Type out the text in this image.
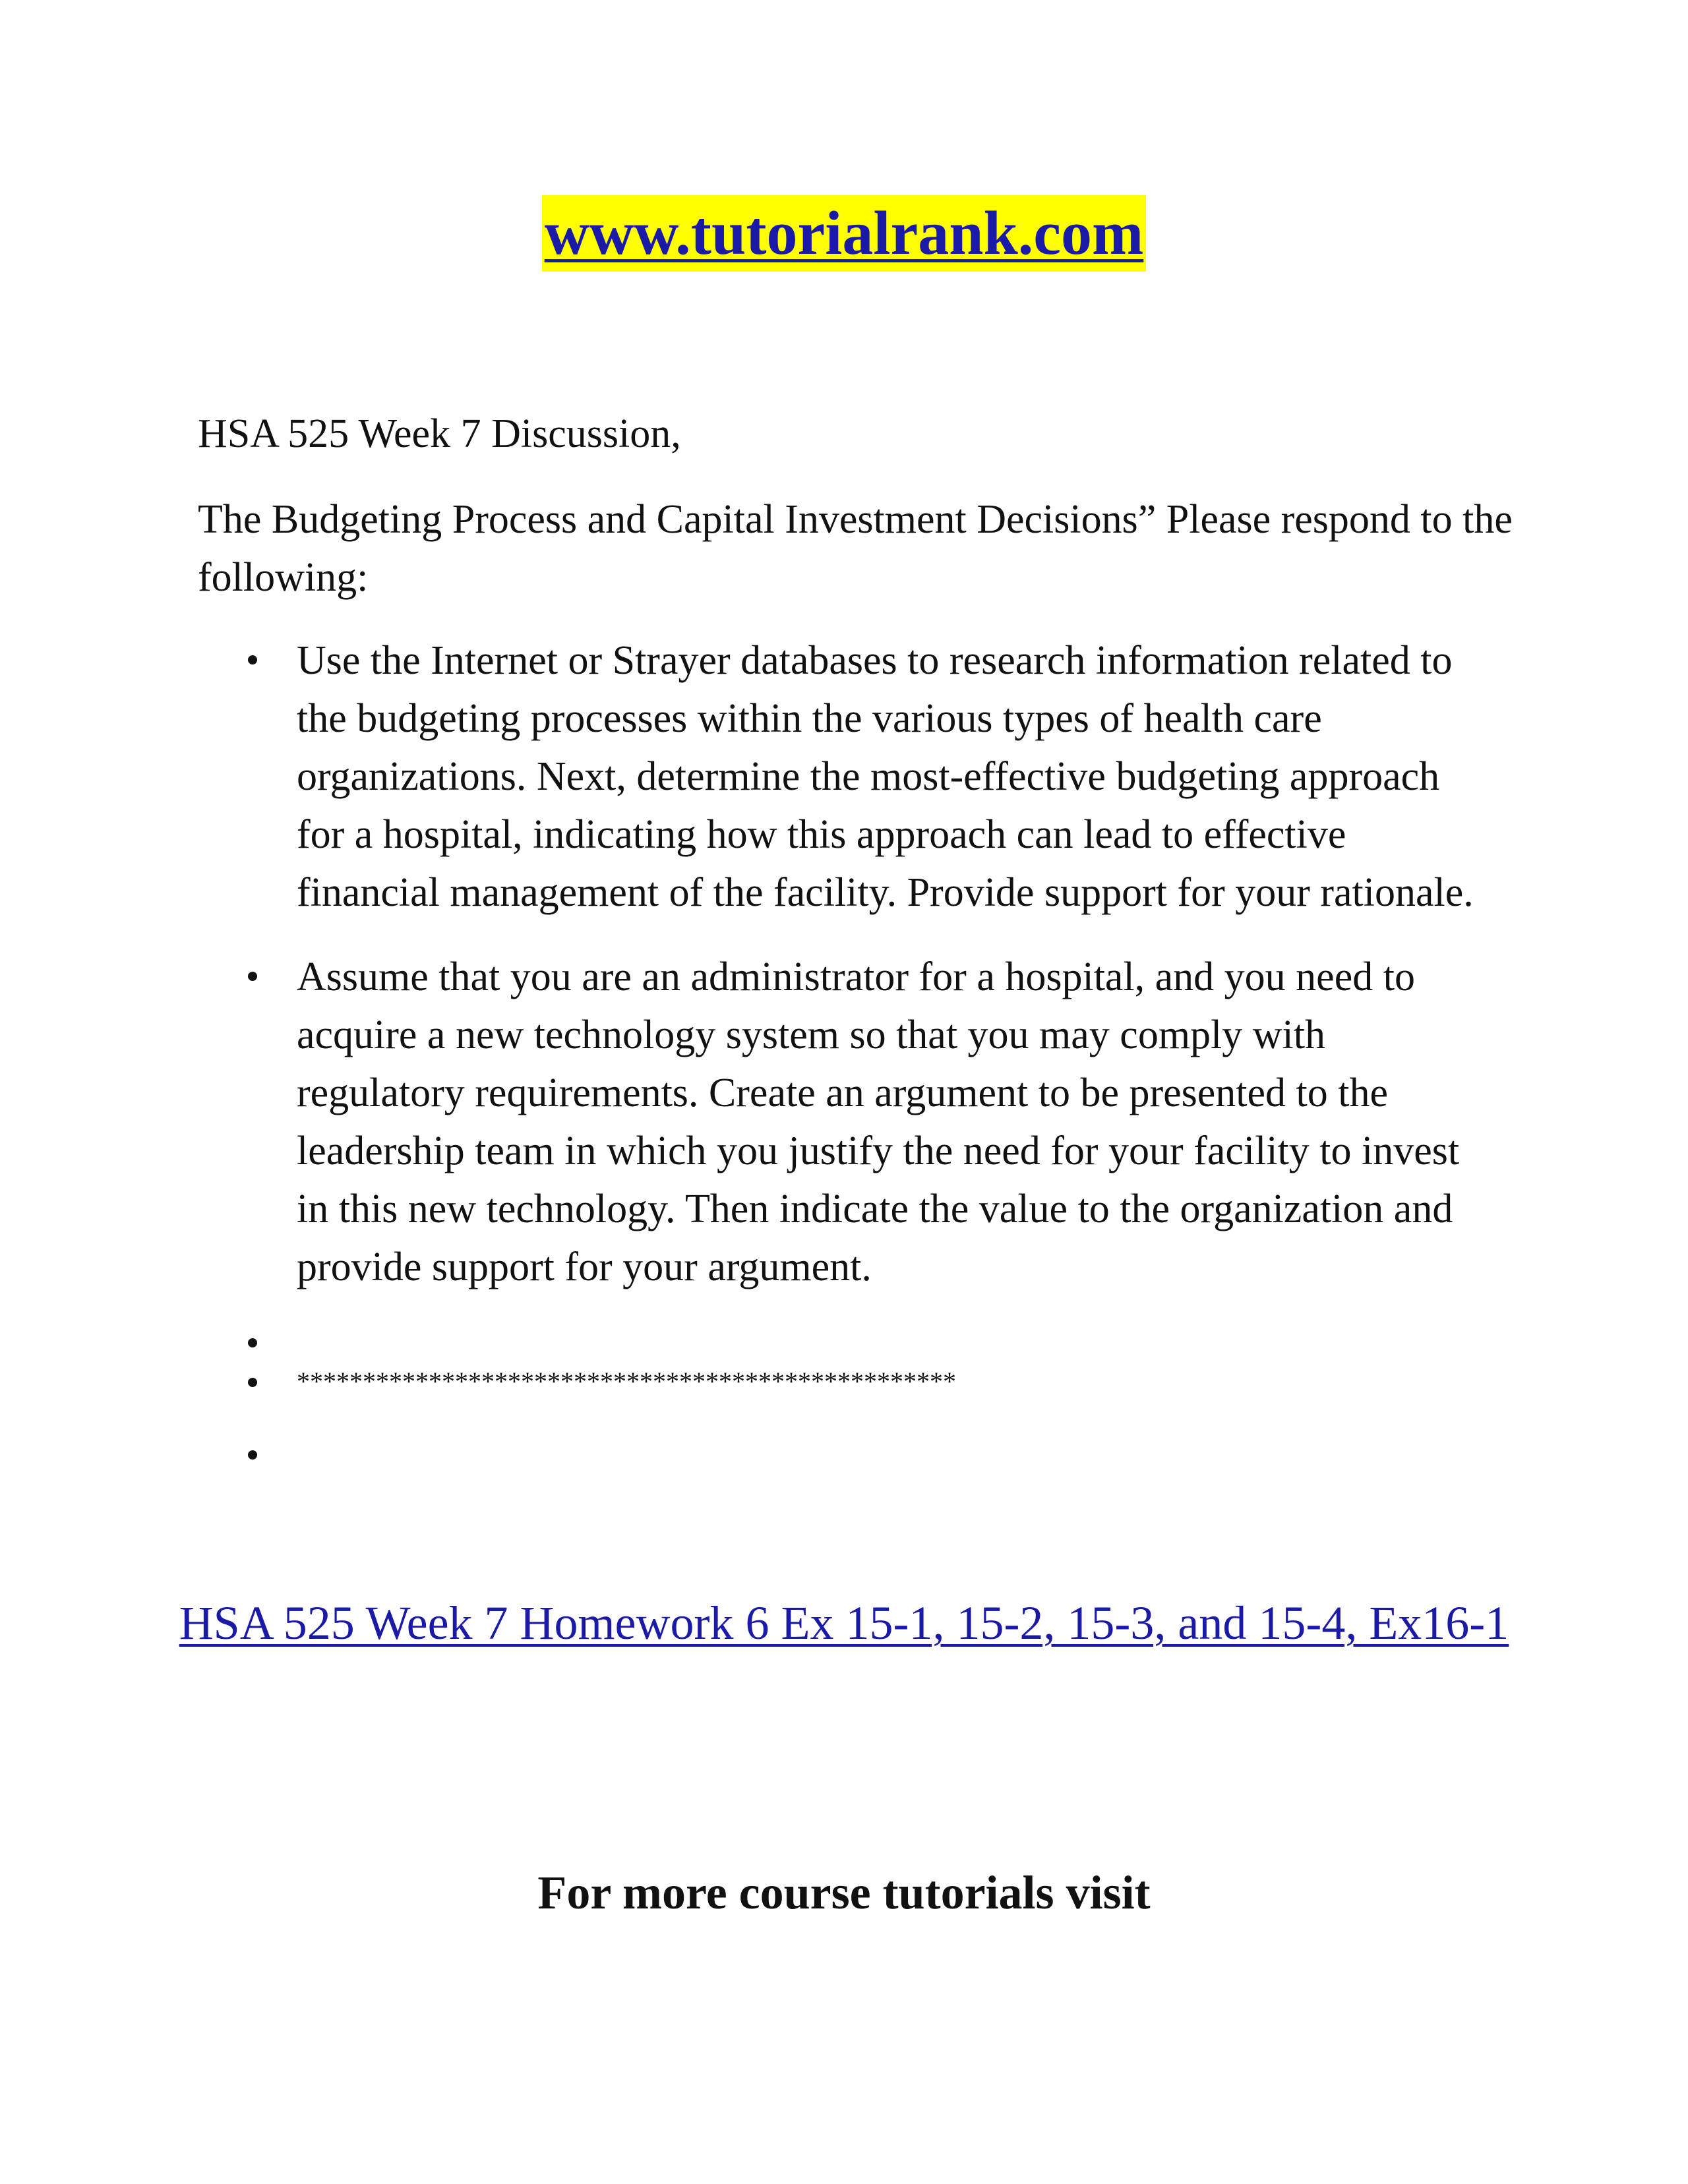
www.tutorialrank.com

HSA 525 Week 7 Discussion,

The Budgeting Process and Capital Investment Decisions” Please respond to the following:

Use the Internet or Strayer databases to research information related to the budgeting processes within the various types of health care organizations. Next, determine the most-effective budgeting approach for a hospital, indicating how this approach can lead to effective financial management of the facility. Provide support for your rationale.
Assume that you are an administrator for a hospital, and you need to acquire a new technology system so that you may comply with regulatory requirements. Create an argument to be presented to the leadership team in which you justify the need for your facility to invest in this new technology. Then indicate the value to the organization and provide support for your argument.
**************************************************
HSA 525 Week 7 Homework 6 Ex 15-1, 15-2, 15-3, and 15-4, Ex16-1

For more course tutorials visit
